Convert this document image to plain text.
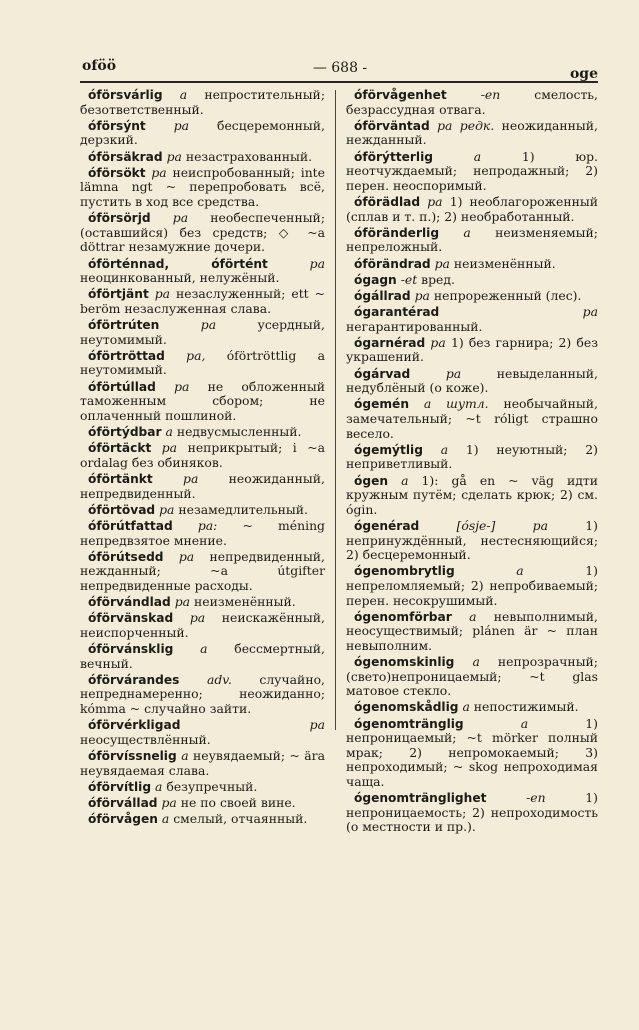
oföö	— 688 -	oge

óförsvárlig a непростительный; безответственный.

óförsýnt pa бесцеремонный, дерзкий.

óförsäkrad pa незастрахованный.

óförsökt pa неиспробованный; inte lämna ngt ~ перепробовать всё, пустить в ход все средства.

óförsörjd pa необеспеченный; (оставшийся) без средств; ◇ ~a döttrar незамужние дочери.

óförténnad, óförtént	pa неоцинкованный, нелужёный.

óförtjänt pa незаслуженный; ett ~ beröm незаслуженная слава.

óförtrúten	pa	усердный, неутомимый.

óförtröttad pa, óförtröttlig a неутомимый.

óförtúllad pa не обложенный таможенным сбором; не оплаченный пошлиной.

óförtýdbar a недвусмысленный.

óförtäckt pa неприкрытый; i ~a ordalag без обиняков.

óförtänkt pa неожиданный, непредвиденный.

óförtövad pa незамедлительный.

óförútfattad pa: ~ méning непредвзятое мнение.

óförútsedd pa непредвиденный, нежданный; ~a útgifter непредвиденные расходы.

óförvándlad pa неизменённый.

óförvänskad pa неискажённый, неиспорченный.

óförvánsklig a бессмертный, вечный.

óförvárandes adv. случайно, непреднамеренно; неожиданно; kómma ~ случайно зайти.

óförvérkligad	pa неосуществлённый.

óförvíssnelig a неувядаемый; ~ ära неувядаемая слава.

óförvítlig a безупречный.

óförvállad pa не по своей вине.

óförvågen a смелый, отчаянный.

óförvågenhet	-en	смелость, безрассудная отвага.

óförväntad pa редк. неожиданный, нежданный.

óförýtterlig	a	1) юр. неотчуждаемый; непродажный; 2) перен. неоспоримый.

óförädlad pa 1) необлагороженный (сплав и т. п.); 2) необработанный.

óföränderlig a неизменяемый; непреложный.

óförändrad pa неизменённый.

ógagn -et вред.

ógállrad pa непрореженный (лес).

ógarantérad	pa негарантированный.

ógarnérad pa 1) без гарнира; 2) без украшений.

ógárvad	pa	невыделанный, недублёный (о коже).

ógemén a шутл. необычайный, замечательный; ~t róligt страшно весело.

ógemýtlig a 1) неуютный; 2) неприветливый.

ógen a 1): gå en ~ väg идти кружным путём; сделать крюк; 2) см. ógin.

ógenérad	[ósje-] pa	1) непринуждённый, нестесняющийся; 2) бесцеремонный.

ógenombrytlig	a	1) непреломляемый; 2) непробиваемый; перен. несокрушимый.

ógenomförbar a невыполнимый, неосуществимый; plánen är ~ план невыполним.

ógenomskinlig a непрозрачный; (свето)непроницаемый; ~t glas матовое стекло.

ógenomskådlig a непостижимый.

ógenomtränglig	a	1) непроницаемый; ~t mörker полный мрак; 2) непромокаемый; 3) непроходимый; ~ skog непроходимая чаща.

ógenomtränglighet	-en	1) непроницаемость; 2) непроходимость (о местности и пр.).
